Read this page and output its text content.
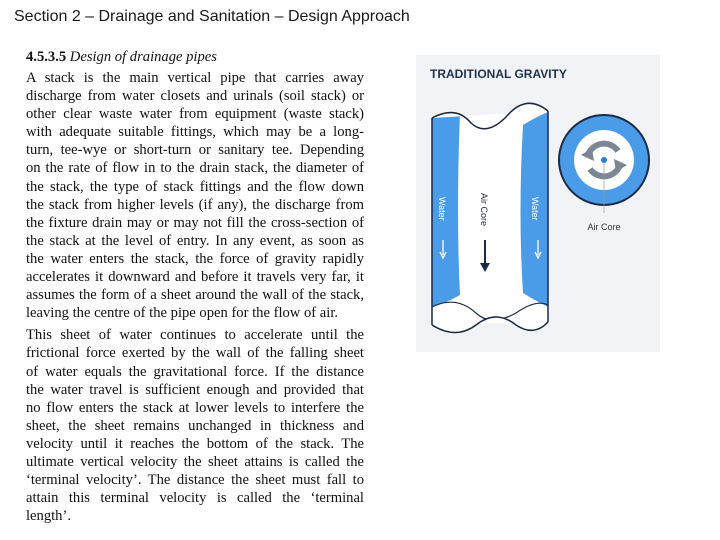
Section 2 – Drainage and Sanitation – Design Approach
4.5.3.5 Design of drainage pipes
A stack is the main vertical pipe that carries away
discharge from water closets and urinals (soil stack) or
other clear waste water from equipment (waste stack)
with adequate suitable fittings, which may be a long-
turn, tee-wye or short-turn or sanitary tee. Depending
on the rate of flow in to the drain stack, the diameter of
the stack, the type of stack fittings and the flow down
the stack from higher levels (if any), the discharge from
the fixture drain may or may not fill the cross-section of
the stack at the level of entry. In any event, as soon as
the water enters the stack, the force of gravity rapidly
accelerates it downward and before it travels very far, it
assumes the form of a sheet around the wall of the stack,
leaving the centre of the pipe open for the flow of air.
This sheet of water continues to accelerate until the
frictional force exerted by the wall of the falling sheet
of water equals the gravitational force. If the distance
the water travel is sufficient enough and provided that
no flow enters the stack at lower levels to interfere the
sheet, the sheet remains unchanged in thickness and
velocity until it reaches the bottom of the stack. The
ultimate vertical velocity the sheet attains is called the
‘terminal velocity’. The distance the sheet must fall to
attain this terminal velocity is called the ‘terminal
length’.
TRADITIONAL GRAVITY
Water	Water
Air Core
Air Core
